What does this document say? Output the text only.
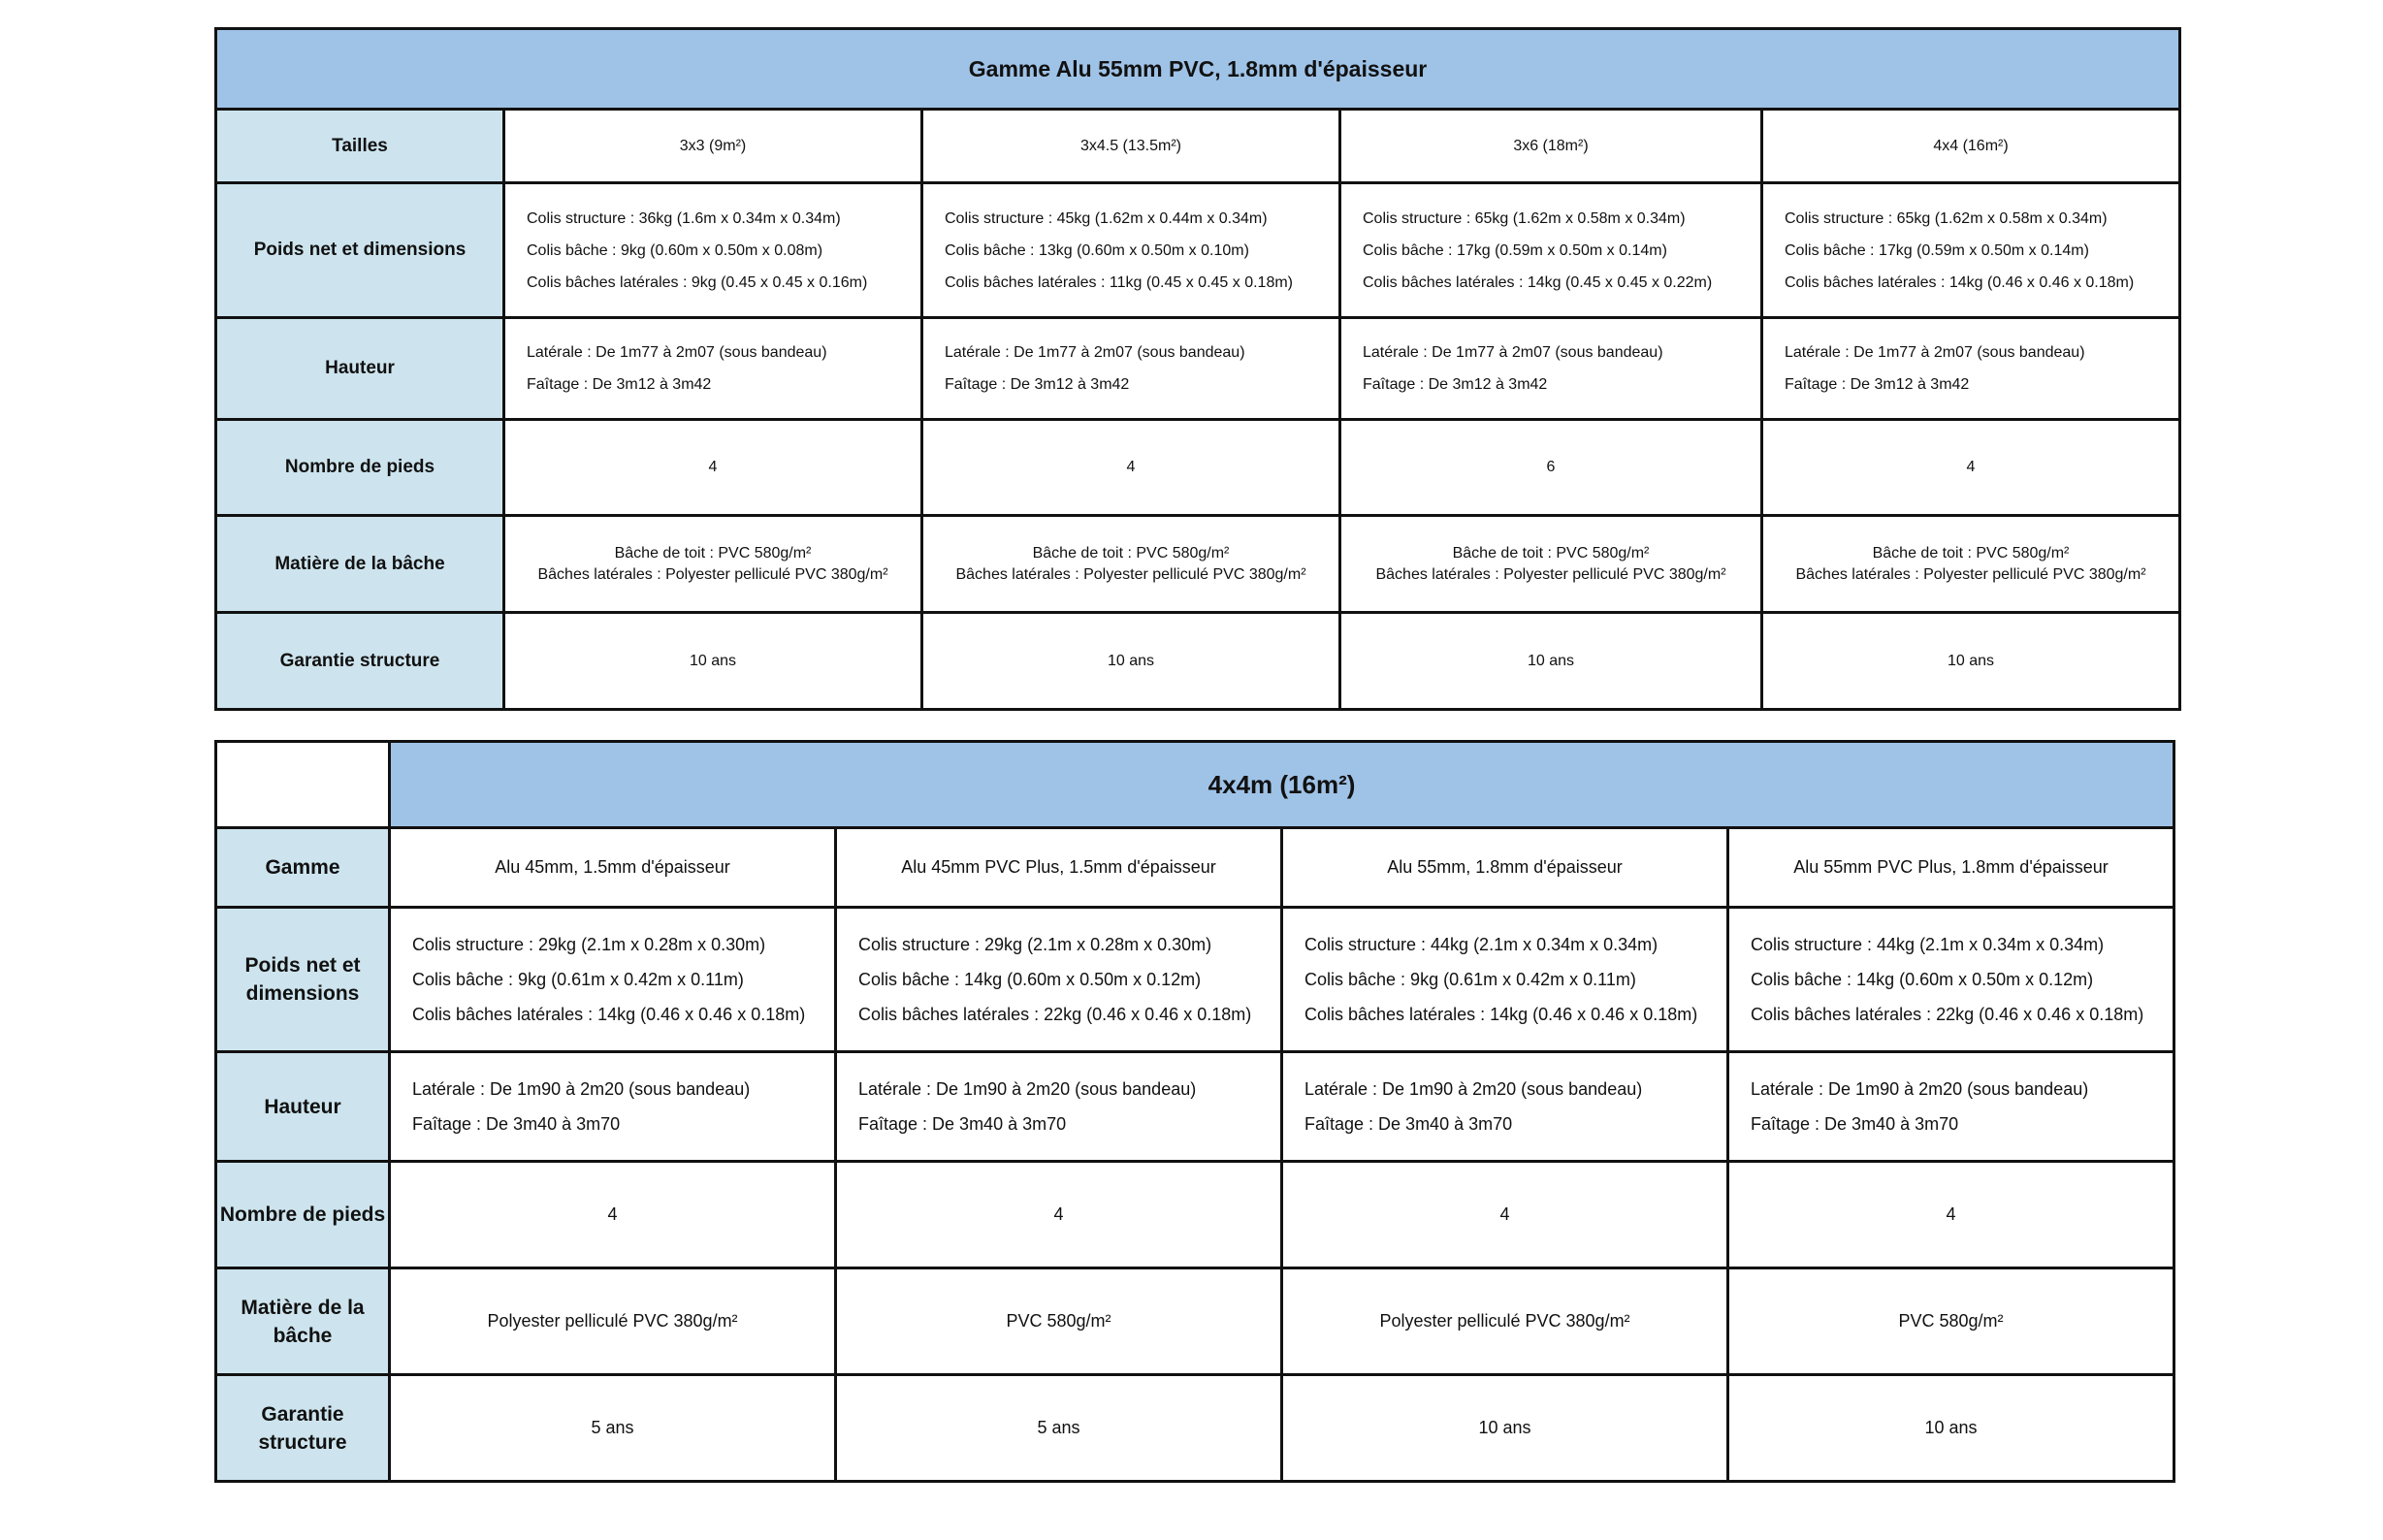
Gamme Alu 55mm PVC, 1.8mm d'épaisseur				
Tailles	3x3 (9m²)	3x4.5 (13.5m²)	3x6 (18m²)	4x4 (16m²)

Poids net et dimensions	Colis structure : 36kg (1.6m x 0.34m x 0.34m)
Colis bâche : 9kg (0.60m x 0.50m x 0.08m)
Colis bâches latérales : 9kg (0.45 x 0.45 x 0.16m)	Colis structure : 45kg (1.62m x 0.44m x 0.34m)
Colis bâche : 13kg (0.60m x 0.50m x 0.10m)
Colis bâches latérales : 11kg (0.45 x 0.45 x 0.18m)	Colis structure : 65kg (1.62m x 0.58m x 0.34m)
Colis bâche : 17kg (0.59m x 0.50m x 0.14m)
Colis bâches latérales : 14kg (0.45 x 0.45 x 0.22m)	Colis structure : 65kg (1.62m x 0.58m x 0.34m)
Colis bâche : 17kg (0.59m x 0.50m x 0.14m)
Colis bâches latérales : 14kg (0.46 x 0.46 x 0.18m)

Hauteur	Latérale : De 1m77 à 2m07 (sous bandeau)
Faîtage : De 3m12 à 3m42	Latérale : De 1m77 à 2m07 (sous bandeau)
Faîtage : De 3m12 à 3m42	Latérale : De 1m77 à 2m07 (sous bandeau)
Faîtage : De 3m12 à 3m42	Latérale : De 1m77 à 2m07 (sous bandeau)
Faîtage : De 3m12 à 3m42

Nombre de pieds	4	4	6	4

Matière de la bâche	Bâche de toit : PVC 580g/m²
Bâches latérales : Polyester pelliculé PVC 380g/m²	Bâche de toit : PVC 580g/m²
Bâches latérales : Polyester pelliculé PVC 380g/m²	Bâche de toit : PVC 580g/m²
Bâches latérales : Polyester pelliculé PVC 380g/m²	Bâche de toit : PVC 580g/m²
Bâches latérales : Polyester pelliculé PVC 380g/m²

Garantie structure	10 ans	10 ans	10 ans	10 ans
	4x4m (16m²)			
Gamme	Alu 45mm, 1.5mm d'épaisseur	Alu 45mm PVC Plus, 1.5mm d'épaisseur	Alu 55mm, 1.8mm d'épaisseur	Alu 55mm PVC Plus, 1.8mm d'épaisseur

Poids net et dimensions	Colis structure : 29kg (2.1m x 0.28m x 0.30m)
Colis bâche : 9kg (0.61m x 0.42m x 0.11m)
Colis bâches latérales : 14kg (0.46 x 0.46 x 0.18m)	Colis structure : 29kg (2.1m x 0.28m x 0.30m)
Colis bâche : 14kg (0.60m x 0.50m x 0.12m)
Colis bâches latérales : 22kg (0.46 x 0.46 x 0.18m)	Colis structure : 44kg (2.1m x 0.34m x 0.34m)
Colis bâche : 9kg (0.61m x 0.42m x 0.11m)
Colis bâches latérales : 14kg (0.46 x 0.46 x 0.18m)	Colis structure : 44kg (2.1m x 0.34m x 0.34m)
Colis bâche : 14kg (0.60m x 0.50m x 0.12m)
Colis bâches latérales : 22kg (0.46 x 0.46 x 0.18m)

Hauteur	Latérale : De 1m90 à 2m20 (sous bandeau)
Faîtage : De 3m40 à 3m70	Latérale : De 1m90 à 2m20 (sous bandeau)
Faîtage : De 3m40 à 3m70	Latérale : De 1m90 à 2m20 (sous bandeau)
Faîtage : De 3m40 à 3m70	Latérale : De 1m90 à 2m20 (sous bandeau)
Faîtage : De 3m40 à 3m70

Nombre de pieds	4	4	4	4

Matière de la bâche	Polyester pelliculé PVC 380g/m²	PVC 580g/m²	Polyester pelliculé PVC 380g/m²	PVC 580g/m²

Garantie structure	5 ans	5 ans	10 ans	10 ans
